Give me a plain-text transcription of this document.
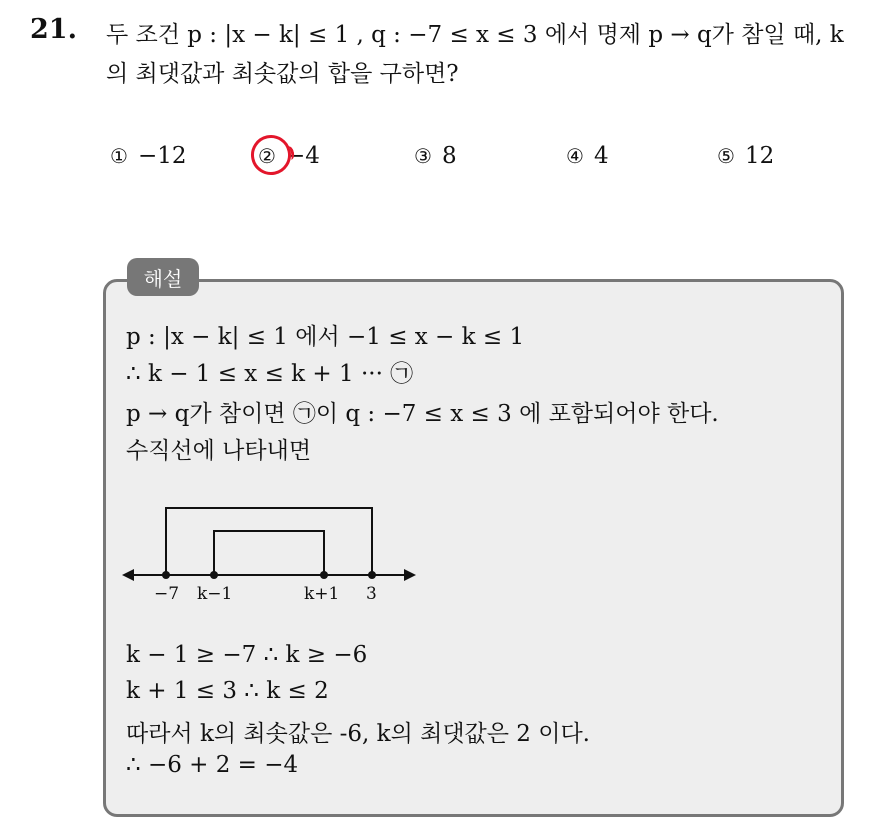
21. 두 조건 p : |x − k| ≤ 1 , q : −7 ≤ x ≤ 3 에서 명제 p → q가 참일 때, k
의 최댓값과 최솟값의 합을 구하면?
① −12	② −4	③ 8	④ 4	⑤ 12
해설
p : |x − k| ≤ 1 에서 −1 ≤ x − k ≤ 1
∴ k − 1 ≤ x ≤ k + 1 ··· ㉠
p → q가 참이면 ㉠이 q : −7 ≤ x ≤ 3 에 포함되어야 한다.
수직선에 나타내면
−7 k−1	k+1 3
k − 1 ≥ −7 ∴ k ≥ −6
k + 1 ≤ 3 ∴ k ≤ 2
따라서 k의 최솟값은 -6, k의 최댓값은 2 이다.
∴ −6 + 2 = −4
